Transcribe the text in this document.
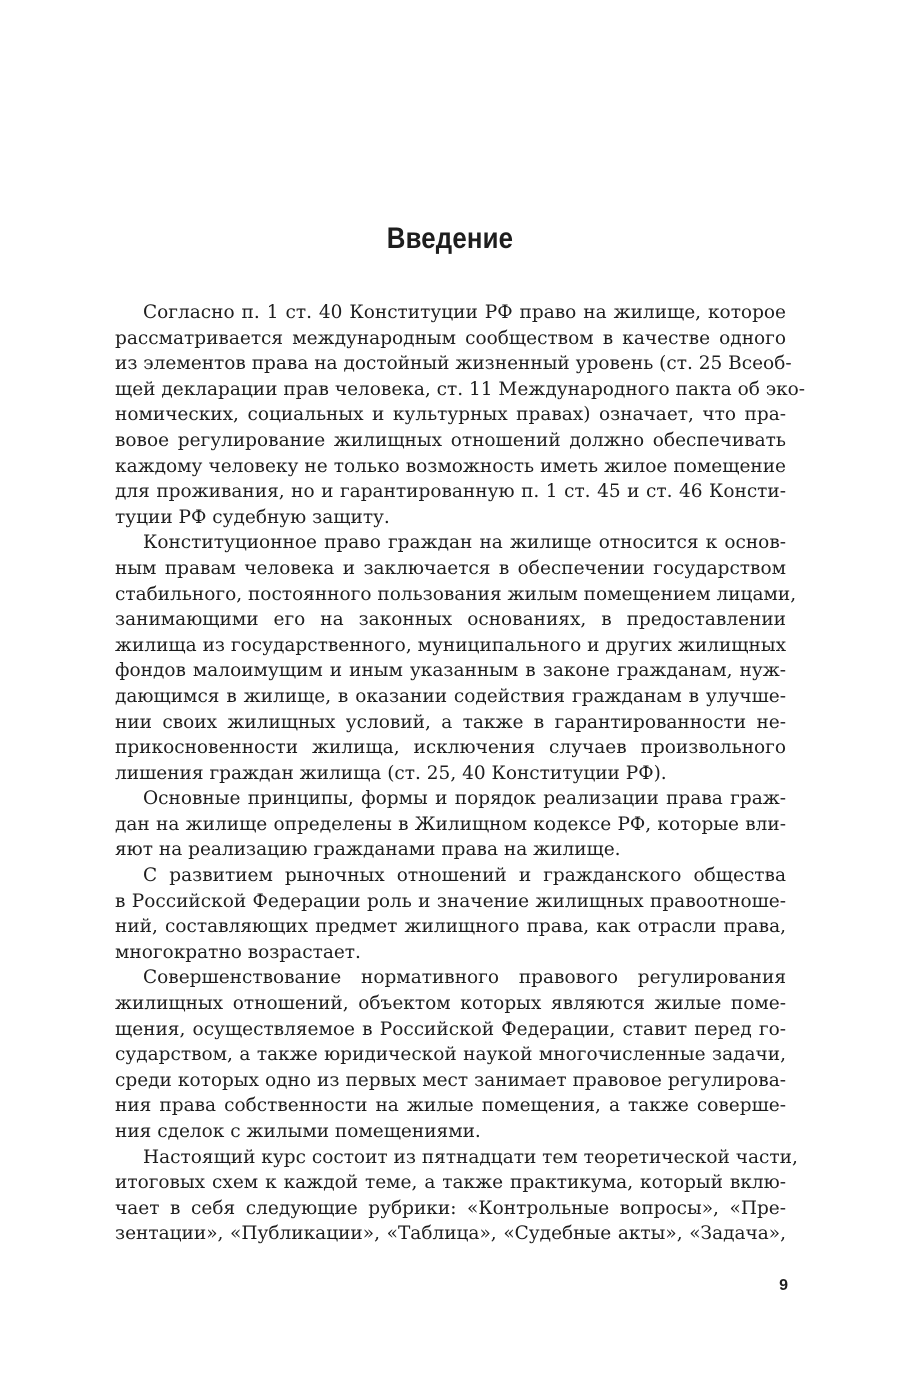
Введение
Согласно п. 1 ст. 40 Конституции РФ право на жилище, которое
рассматривается международным сообществом в качестве одного
из элементов права на достойный жизненный уровень (ст. 25 Всеоб-
щей декларации прав человека, ст. 11 Международного пакта об эко-
номических, социальных и культурных правах) означает, что пра-
вовое регулирование жилищных отношений должно обеспечивать
каждому человеку не только возможность иметь жилое помещение
для проживания, но и гарантированную п. 1 ст. 45 и ст. 46 Консти-
туции РФ судебную защиту.
Конституционное право граждан на жилище относится к основ-
ным правам человека и заключается в обеспечении государством
стабильного, постоянного пользования жилым помещением лицами,
занимающими его на законных основаниях, в предоставлении
жилища из государственного, муниципального и других жилищных
фондов малоимущим и иным указанным в законе гражданам, нуж-
дающимся в жилище, в оказании содействия гражданам в улучше-
нии своих жилищных условий, а также в гарантированности не-
прикосновенности жилища, исключения случаев произвольного
лишения граждан жилища (ст. 25, 40 Конституции РФ).
Основные принципы, формы и порядок реализации права граж-
дан на жилище определены в Жилищном кодексе РФ, которые вли-
яют на реализацию гражданами права на жилище.
С развитием рыночных отношений и гражданского общества
в Российской Федерации роль и значение жилищных правоотноше-
ний, составляющих предмет жилищного права, как отрасли права,
многократно возрастает.
Совершенствование нормативного правового регулирования
жилищных отношений, объектом которых являются жилые поме-
щения, осуществляемое в Российской Федерации, ставит перед го-
сударством, а также юридической наукой многочисленные задачи,
среди которых одно из первых мест занимает правовое регулирова-
ния права собственности на жилые помещения, а также соверше-
ния сделок с жилыми помещениями.
Настоящий курс состоит из пятнадцати тем теоретической части,
итоговых схем к каждой теме, а также практикума, который вклю-
чает в себя следующие рубрики: «Контрольные вопросы», «Пре-
зентации», «Публикации», «Таблица», «Судебные акты», «Задача»,
9
